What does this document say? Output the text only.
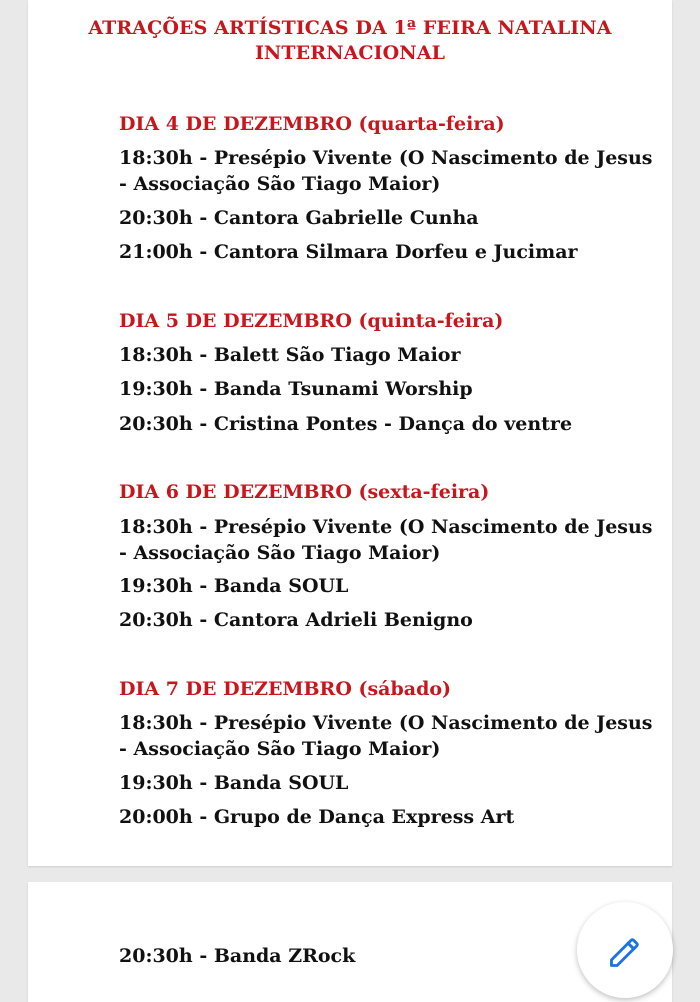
ATRAÇÕES ARTÍSTICAS DA 1ª FEIRA NATALINA
INTERNACIONAL
DIA 4 DE DEZEMBRO (quarta-feira)
18:30h - Presépio Vivente (O Nascimento de Jesus
- Associação São Tiago Maior)
20:30h - Cantora Gabrielle Cunha
21:00h - Cantora Silmara Dorfeu e Jucimar
DIA 5 DE DEZEMBRO (quinta-feira)
18:30h - Balett São Tiago Maior
19:30h - Banda Tsunami Worship
20:30h - Cristina Pontes - Dança do ventre
DIA 6 DE DEZEMBRO (sexta-feira)
18:30h - Presépio Vivente (O Nascimento de Jesus
- Associação São Tiago Maior)
19:30h - Banda SOUL
20:30h - Cantora Adrieli Benigno
DIA 7 DE DEZEMBRO (sábado)
18:30h - Presépio Vivente (O Nascimento de Jesus
- Associação São Tiago Maior)
19:30h - Banda SOUL
20:00h - Grupo de Dança Express Art
20:30h - Banda ZRock
